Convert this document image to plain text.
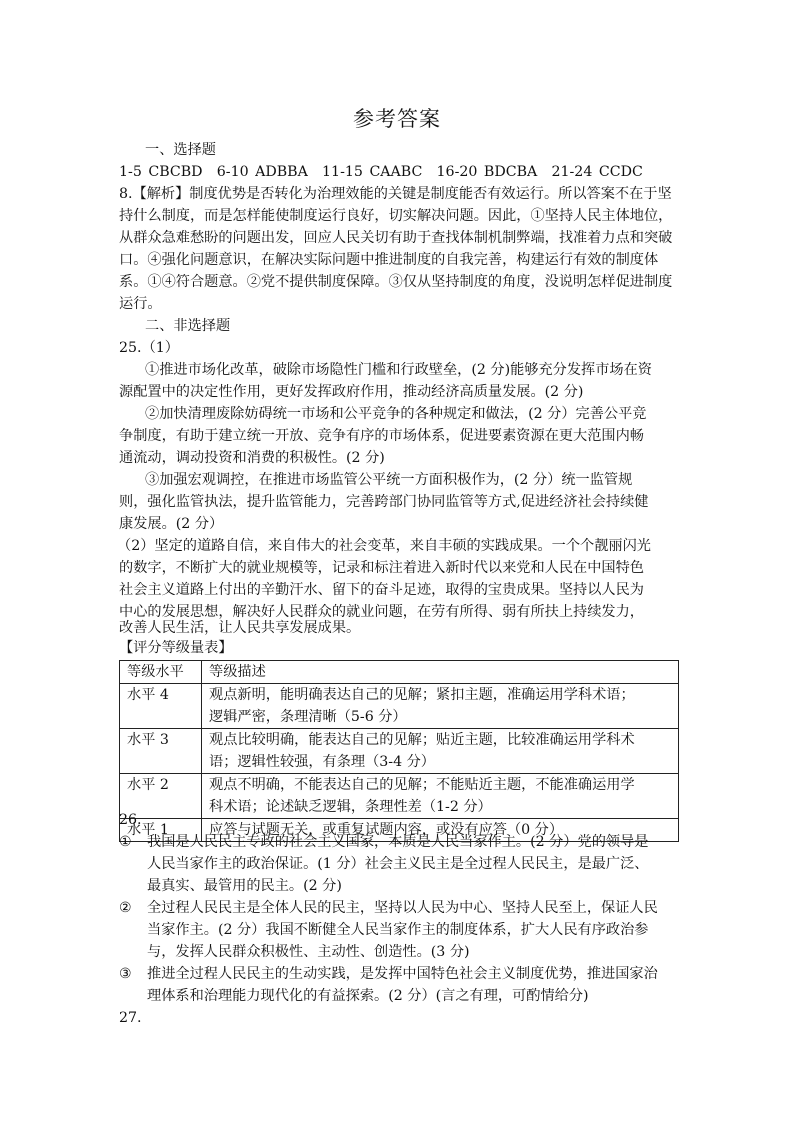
参考答案
一、选择题
1-5 CBCBD　6-10 ADBBA　11-15 CAABC　16-20 BDCBA　21-24 CCDC
8.【解析】制度优势是否转化为治理效能的关键是制度能否有效运行。所以答案不在于坚
持什么制度，而是怎样能使制度运行良好，切实解决问题。因此，①坚持人民主体地位，
从群众急难愁盼的问题出发，回应人民关切有助于查找体制机制弊端，找准着力点和突破
口。④强化问题意识，在解决实际问题中推进制度的自我完善，构建运行有效的制度体
系。①④符合题意。②党不提供制度保障。③仅从坚持制度的角度，没说明怎样促进制度
运行。
二、非选择题
25.（1）
①推进市场化改革，破除市场隐性门槛和行政壁垒，(2 分)能够充分发挥市场在资
源配置中的决定性作用，更好发挥政府作用，推动经济高质量发展。(2 分)
②加快清理废除妨碍统一市场和公平竞争的各种规定和做法，(2 分）完善公平竞
争制度，有助于建立统一开放、竞争有序的市场体系，促进要素资源在更大范围内畅
通流动，调动投资和消费的积极性。(2 分)
③加强宏观调控，在推进市场监管公平统一方面积极作为，(2 分）统一监管规
则，强化监管执法，提升监管能力，完善跨部门协同监管等方式,促进经济社会持续健
康发展。(2 分）
（2）坚定的道路自信，来自伟大的社会变革，来自丰硕的实践成果。一个个靓丽闪光
的数字，不断扩大的就业规模等，记录和标注着进入新时代以来党和人民在中国特色
社会主义道路上付出的辛勤汗水、留下的奋斗足迹，取得的宝贵成果。坚持以人民为
中心的发展思想，解决好人民群众的就业问题，在劳有所得、弱有所扶上持续发力，
改善人民生活，让人民共享发展成果。
【评分等级量表】
等级水平	等级描述
水平 4	观点新明，能明确表达自己的见解；紧扣主题，准确运用学科术语；
逻辑严密，条理清晰（5-6 分）

水平 3	观点比较明确，能表达自己的见解；贴近主题，比较准确运用学科术
语；逻辑性较强，有条理（3-4 分）

水平 2	观点不明确，不能表达自己的见解；不能贴近主题，不能准确运用学
科术语；论述缺乏逻辑，条理性差（1-2 分）

水平 1	应答与试题无关，或重复试题内容，或没有应答（0 分）
26.
① 我国是人民民主专政的社会主义国家，本质是人民当家作主。(2 分）党的领导是
人民当家作主的政治保证。(1 分）社会主义民主是全过程人民民主，是最广泛、
最真实、最管用的民主。(2 分)
② 全过程人民民主是全体人民的民主，坚持以人民为中心、坚持人民至上，保证人民
当家作主。(2 分）我国不断健全人民当家作主的制度体系，扩大人民有序政治参
与，发挥人民群众积极性、主动性、创造性。(3 分)
③ 推进全过程人民民主的生动实践，是发挥中国特色社会主义制度优势，推进国家治
理体系和治理能力现代化的有益探索。(2 分）(言之有理，可酌情给分)
27.
